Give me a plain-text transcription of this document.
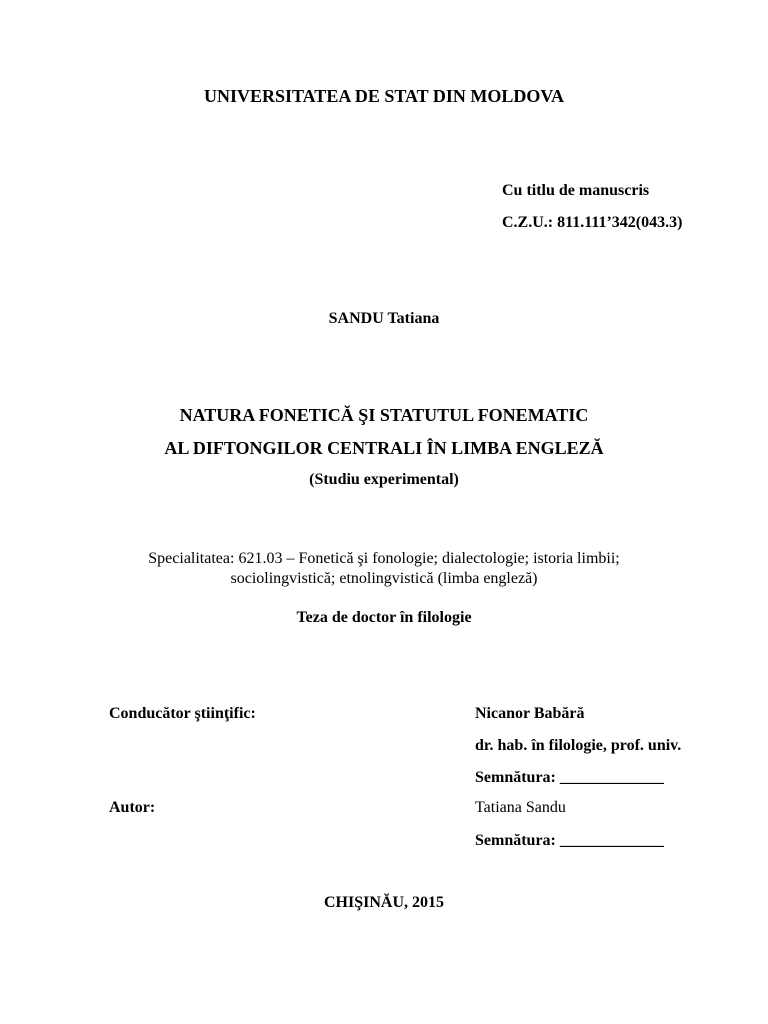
UNIVERSITATEA DE STAT DIN MOLDOVA
Cu titlu de manuscris
C.Z.U.: 811.111’342(043.3)
SANDU Tatiana
NATURA FONETICĂ ŞI STATUTUL FONEMATIC
AL DIFTONGILOR CENTRALI ÎN LIMBA ENGLEZĂ
(Studiu experimental)
Specialitatea: 621.03 – Fonetică şi fonologie; dialectologie; istoria limbii;
sociolingvistică; etnolingvistică (limba engleză)
Teza de doctor în filologie
Conducător ştiinţific:	Nicanor Babără
dr. hab. în filologie, prof. univ.
Semnătura: _____________
Autor:	Tatiana Sandu
Semnătura: _____________
CHIŞINĂU, 2015
